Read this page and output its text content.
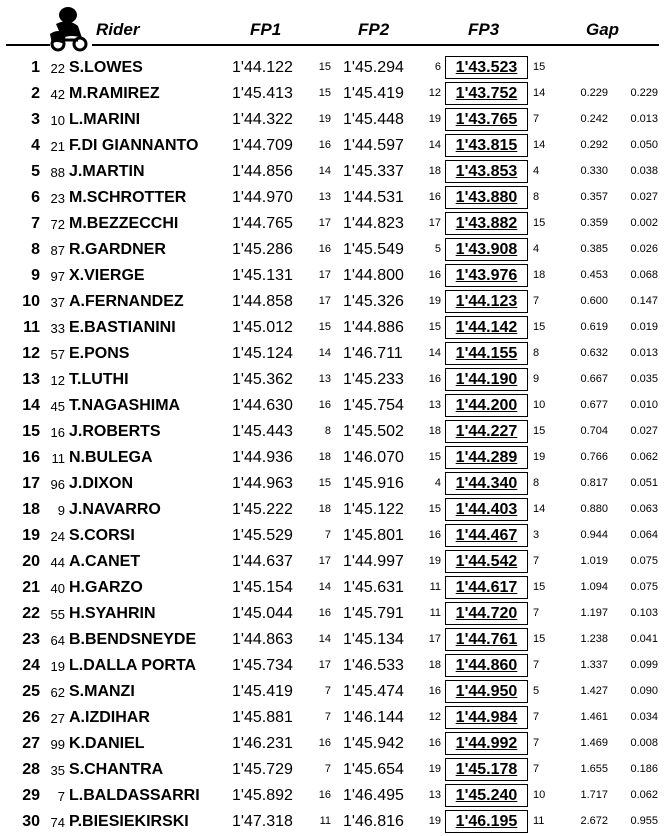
Rider	FP1	FP2	FP3	Gap
1 22 S.LOWES	1'44.122	15 1'45.294	6 1'43.523	15
2 42 M.RAMIREZ	1'45.413	15 1'45.419	12 1'43.752	14	0.229	0.229
3 10 L.MARINI	1'44.322	19 1'45.448	19 1'43.765	7	0.242	0.013
4 21 F.DI GIANNANTO 1'44.709	16 1'44.597	14 1'43.815	14	0.292	0.050
5 88 J.MARTIN	1'44.856	14 1'45.337	18 1'43.853	4	0.330	0.038
6 23 M.SCHROTTER	1'44.970	13 1'44.531	16 1'43.880	8	0.357	0.027
7 72 M.BEZZECCHI	1'44.765	17 1'44.823	17 1'43.882	15	0.359	0.002
8 87 R.GARDNER	1'45.286	16 1'45.549	5 1'43.908	4	0.385	0.026
9 97 X.VIERGE	1'45.131	17 1'44.800	16 1'43.976	18	0.453	0.068
10 37 A.FERNANDEZ	1'44.858	17 1'45.326	19 1'44.123	7	0.600	0.147
11 33 E.BASTIANINI	1'45.012	15 1'44.886	15 1'44.142	15	0.619	0.019
12 57 E.PONS	1'45.124	14 1'46.711	14 1'44.155	8	0.632	0.013
13 12 T.LUTHI	1'45.362	13 1'45.233	16 1'44.190	9	0.667	0.035
14 45 T.NAGASHIMA	1'44.630	16 1'45.754	13 1'44.200	10	0.677	0.010
15 16 J.ROBERTS	1'45.443	8 1'45.502	18 1'44.227	15	0.704	0.027
16 11 N.BULEGA	1'44.936	18 1'46.070	15 1'44.289	19	0.766	0.062
17 96 J.DIXON	1'44.963	15 1'45.916	4 1'44.340	8	0.817	0.051
18	9 J.NAVARRO	1'45.222	18 1'45.122	15 1'44.403	14	0.880	0.063
19 24 S.CORSI	1'45.529	7 1'45.801	16 1'44.467	3	0.944	0.064
20 44 A.CANET	1'44.637	17 1'44.997	19 1'44.542	7	1.019	0.075
21 40 H.GARZO	1'45.154	14 1'45.631	11 1'44.617	15	1.094	0.075
22 55 H.SYAHRIN	1'45.044	16 1'45.791	11 1'44.720	7	1.197	0.103
23 64 B.BENDSNEYDE 1'44.863	14 1'45.134	17 1'44.761	15	1.238	0.041
24 19 L.DALLA PORTA 1'45.734	17 1'46.533	18 1'44.860	7	1.337	0.099
25 62 S.MANZI	1'45.419	7 1'45.474	16 1'44.950	5	1.427	0.090
26 27 A.IZDIHAR	1'45.881	7 1'46.144	12 1'44.984	7	1.461	0.034
27 99 K.DANIEL	1'46.231	16 1'45.942	16 1'44.992	7	1.469	0.008
28 35 S.CHANTRA	1'45.729	7 1'45.654	19 1'45.178	7	1.655	0.186
29	7 L.BALDASSARRI 1'45.892	16 1'46.495	13 1'45.240	10	1.717	0.062
30 74 P.BIESIEKIRSKI	1'47.318	11 1'46.816	19 1'46.195	11	2.672	0.955
